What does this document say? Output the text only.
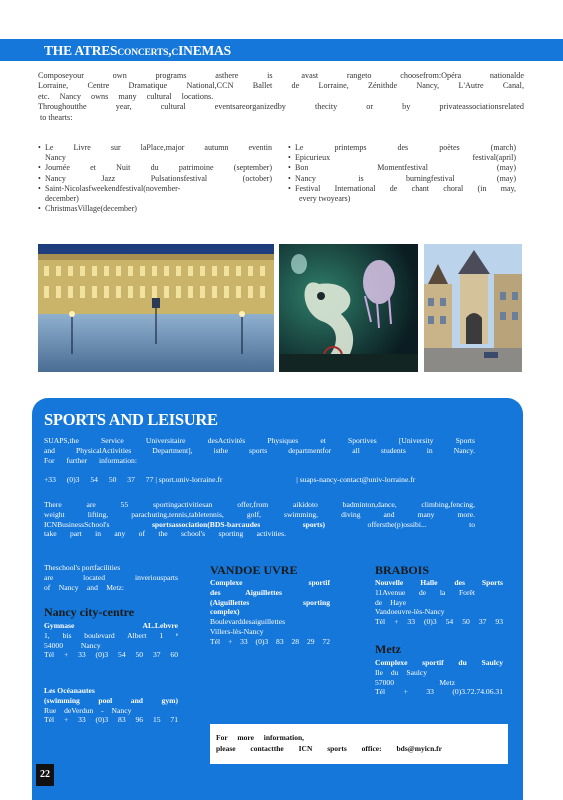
THE ATRESCONCERTS,CINEMAS
Composeyour own programs asthere is avast rangeto choosefrom:Opéra nationalde
Lorraine, Centre Dramatique National,CCN Ballet de Lorraine, Zénithde Nancy, L'Autre Canal,
etc. Nancy owns many cultural locations.
Throughoutthe year, cultural eventsareorganizedby thecity or by privateassociationsrelated
to thearts:
• Le Livre sur laPlace,major autumn eventin
Nancy
• Journée et Nuit du patrimoine (september)
• Nancy Jazz Pulsationsfestival (october)
• Saint-Nicolasfweekendfestival(november-
december)
• ChristmasVillage(december)
• Le printemps des poètes (march)
• Epicurieux festival(april)
• Bon Momentfestival (may)
• Nancy is burningfestival (may)
• Festival International de chant choral (in may,
every twoyears)
SPORTS AND LEISURE
SUAPS,the Service Universitaire desActivités Physiques et Sportives [University Sports
and PhysicalActivities Department], isthe sports departmentfor all students in Nancy.
For further information:
+33 (0)3 54 50 37 77 | sport.univ-lorraine.fr	| suaps-nancy-contact@univ-lorraine.fr
There are 55 sportingactivitiesan offer,from aikidoto badminton,dance, climbing,fencing,
weight lifting, parachuting,tennis,tabletennis, golf, swimming, diving and many more.
ICNBusinessSchool's	sportsassociation(BDS-barcaudes	sports)	offersthe(p)ossibi...	to
take part in any of the school's sporting activities.
Theschool's portfacilities
are located inveriousparts
of Nancy and Metz:
Nancy city-centre
Gymnase AL.Lebvre
1, bis boulevard Albert 1 ᵉ
54000 Nancy
Tél + 33 (0)3 54 50 37 60
Les Océanautes
(swimming pool and gym)
Rue deVerdun - Nancy
Tél + 33 (0)3 83 96 15 71
VANDOE UVRE
Complexe sportif
des Aiguillettes
(Aiguillettes sporting
complex)
Boulevarddesaiguillettes
Villers-lès-Nancy
Tél + 33 (0)3 83 28 29 72
BRABOIS
Nouvelle Halle des Sports
11Avenue de la Forêt
de Haye
Vandoeuvre-lès-Nancy
Tél + 33 (0)3 54 50 37 93
Metz
Complexe sportif du Saulcy
Ile du Saulcy
57000 Metz
Tél + 33 (0)3.72.74.06.31
For more information,
please contactthe ICN sports office: bds@myicn.fr
22
